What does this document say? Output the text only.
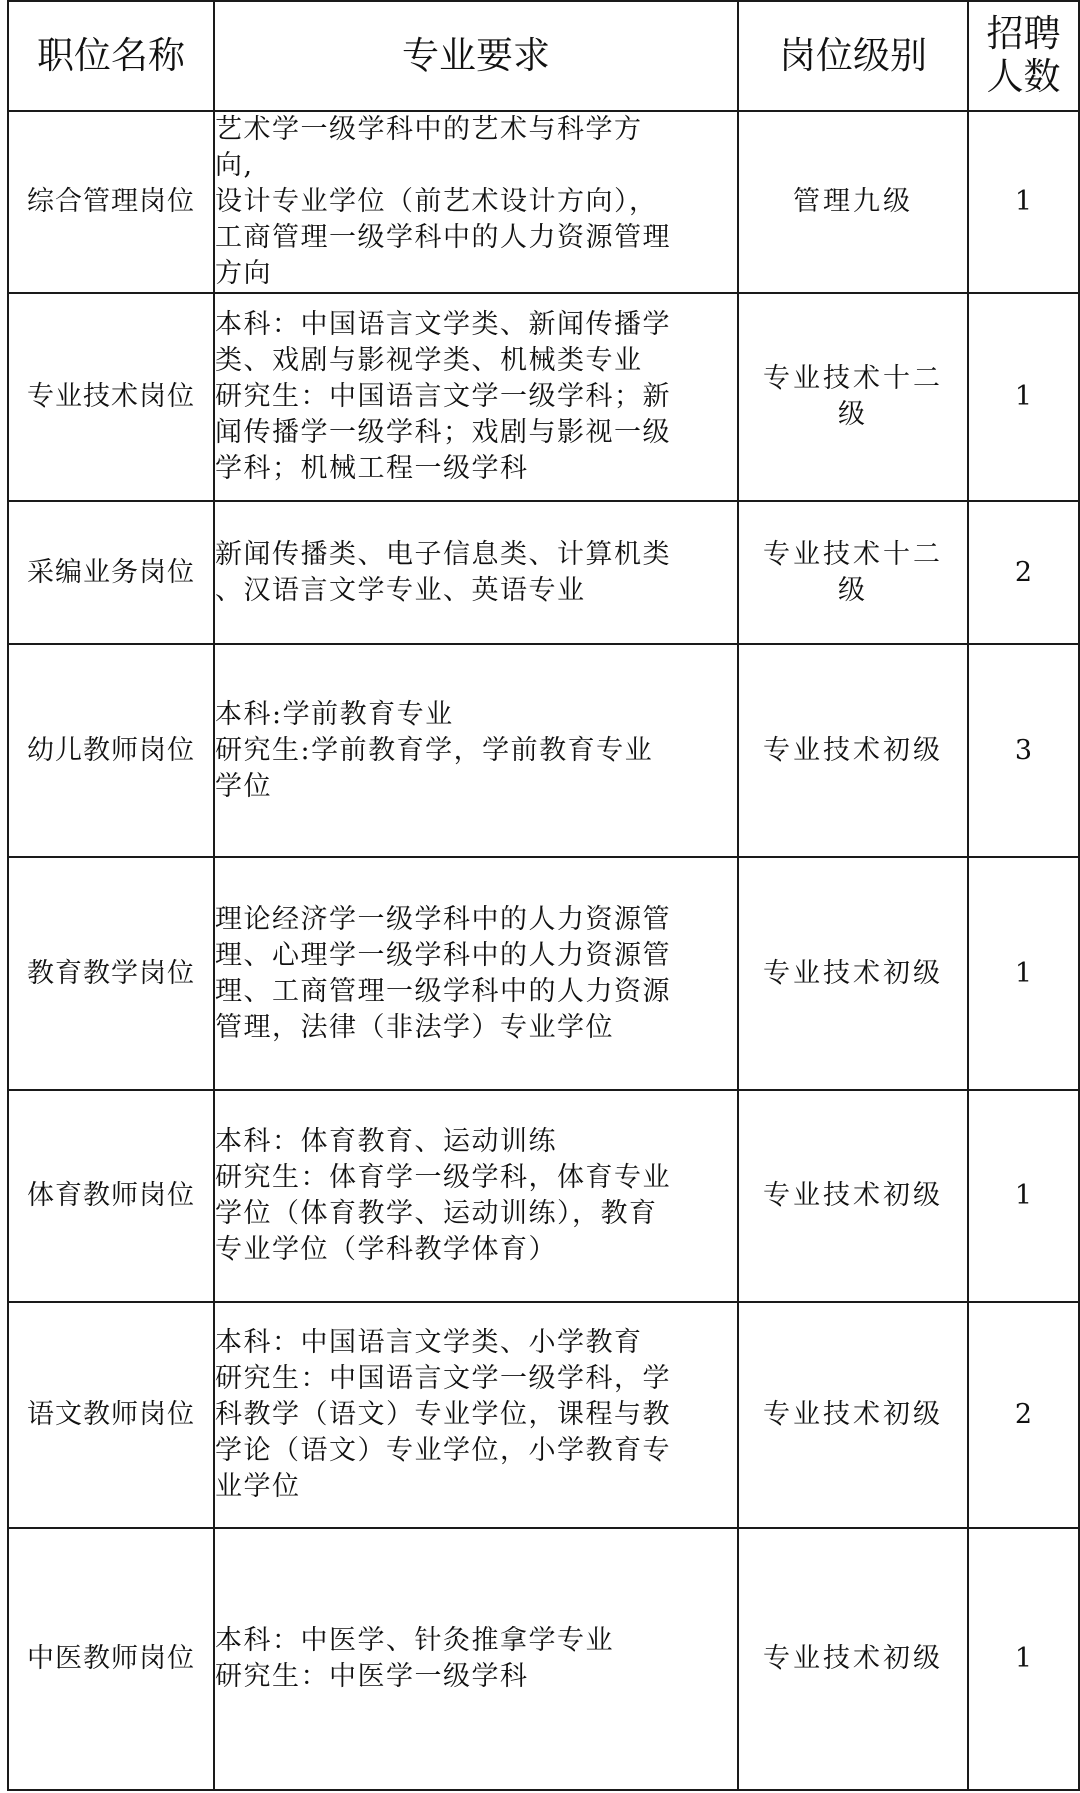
职位名称	专业要求	岗位级别	招聘
人数

综合管理岗位	艺术学一级学科中的艺术与科学方
向,
设计专业学位（前艺术设计方向），
工商管理一级学科中的人力资源管理
方向	管理九级	1
专业技术岗位	本科：中国语言文学类、新闻传播学
类、戏剧与影视学类、机械类专业
研究生：中国语言文学一级学科；新
闻传播学一级学科；戏剧与影视一级
学科；机械工程一级学科	专业技术十二
级	1
采编业务岗位	新闻传播类、电子信息类、计算机类
、汉语言文学专业、英语专业	专业技术十二
级	2
幼儿教师岗位	本科:学前教育专业
研究生:学前教育学，学前教育专业
学位	专业技术初级	3
教育教学岗位	理论经济学一级学科中的人力资源管
理、心理学一级学科中的人力资源管
理、工商管理一级学科中的人力资源
管理，法律（非法学）专业学位	专业技术初级	1
体育教师岗位	本科：体育教育、运动训练
研究生：体育学一级学科，体育专业
学位（体育教学、运动训练），教育
专业学位（学科教学体育）	专业技术初级	1
语文教师岗位	本科：中国语言文学类、小学教育
研究生：中国语言文学一级学科，学
科教学（语文）专业学位，课程与教
学论（语文）专业学位，小学教育专
业学位	专业技术初级	2
中医教师岗位	本科：中医学、针灸推拿学专业
研究生：中医学一级学科	专业技术初级	1
